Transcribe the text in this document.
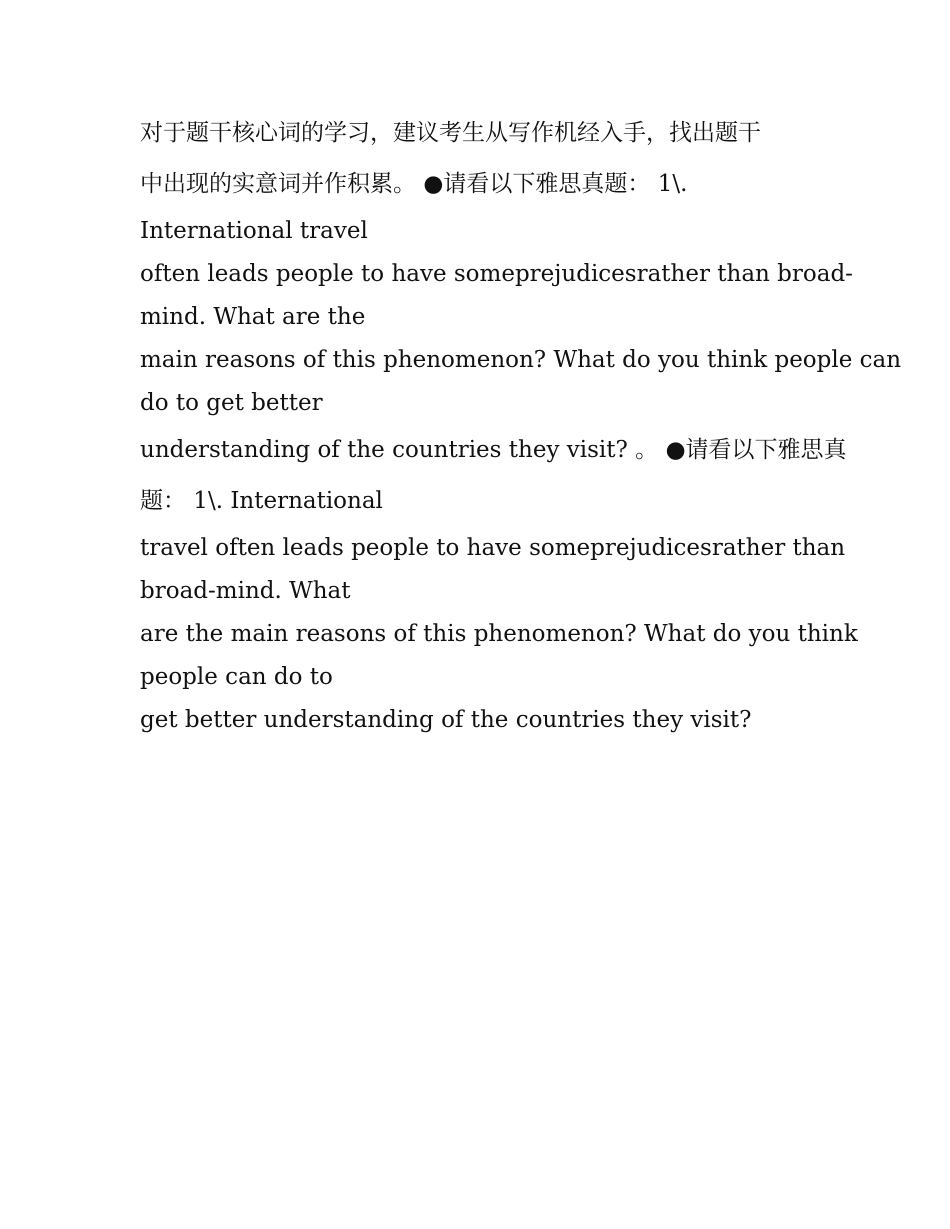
对于题干核心词的学习，建议考生从写作机经入手，找出题干

中出现的实意词并作积累。 ●请看以下雅思真题： 1\.

International travel

often leads people to have someprejudicesrather than broad-

mind. What are the

main reasons of this phenomenon? What do you think people can

do to get better

understanding of the countries they visit? 。 ●请看以下雅思真

题： 1\. International

travel often leads people to have someprejudicesrather than

broad-mind. What

are the main reasons of this phenomenon? What do you think

people can do to

get better understanding of the countries they visit?
